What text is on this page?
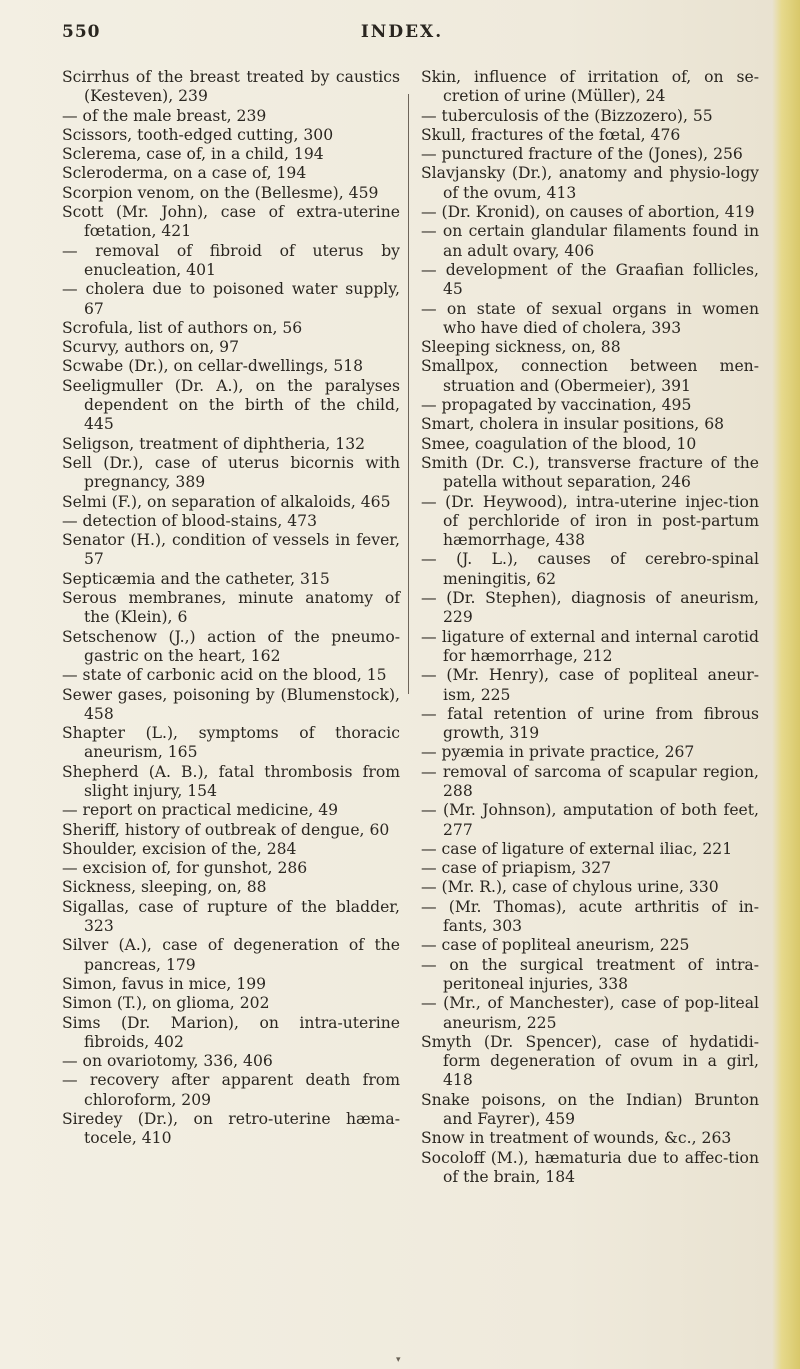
550	INDEX.

Scirrhus of the breast treated by caustics (Kesteven), 239

— of the male breast, 239

Scissors, tooth-edged cutting, 300

Sclerema, case of, in a child, 194

Scleroderma, on a case of, 194

Scorpion venom, on the (Bellesme), 459

Scott (Mr. John), case of extra-uterine fœtation, 421

— removal of fibroid of uterus by enucleation, 401

— cholera due to poisoned water supply, 67

Scrofula, list of authors on, 56

Scurvy, authors on, 97

Scwabe (Dr.), on cellar-dwellings, 518

Seeligmuller (Dr. A.), on the paralyses dependent on the birth of the child, 445

Seligson, treatment of diphtheria, 132

Sell (Dr.), case of uterus bicornis with pregnancy, 389

Selmi (F.), on separation of alkaloids, 465

— detection of blood-stains, 473

Senator (H.), condition of vessels in fever, 57

Septicæmia and the catheter, 315

Serous membranes, minute anatomy of the (Klein), 6

Setschenow (J.,) action of the pneumo-gastric on the heart, 162

— state of carbonic acid on the blood, 15

Sewer gases, poisoning by (Blumenstock), 458

Shapter (L.), symptoms of thoracic aneurism, 165

Shepherd (A. B.), fatal thrombosis from slight injury, 154

— report on practical medicine, 49

Sheriff, history of outbreak of dengue, 60

Shoulder, excision of the, 284

— excision of, for gunshot, 286

Sickness, sleeping, on, 88

Sigallas, case of rupture of the bladder, 323

Silver (A.), case of degeneration of the pancreas, 179

Simon, favus in mice, 199

Simon (T.), on glioma, 202

Sims (Dr. Marion), on intra-uterine fibroids, 402

— on ovariotomy, 336, 406

— recovery after apparent death from chloroform, 209

Siredey (Dr.), on retro-uterine hæma-tocele, 410

Skin, influence of irritation of, on se-cretion of urine (Müller), 24

— tuberculosis of the (Bizzozero), 55

Skull, fractures of the fœtal, 476

— punctured fracture of the (Jones), 256

Slavjansky (Dr.), anatomy and physio-logy of the ovum, 413

— (Dr. Kronid), on causes of abortion, 419

— on certain glandular filaments found in an adult ovary, 406

— development of the Graafian follicles, 45

— on state of sexual organs in women who have died of cholera, 393

Sleeping sickness, on, 88

Smallpox, connection between men-struation and (Obermeier), 391

— propagated by vaccination, 495

Smart, cholera in insular positions, 68

Smee, coagulation of the blood, 10

Smith (Dr. C.), transverse fracture of the patella without separation, 246

— (Dr. Heywood), intra-uterine injec-tion of perchloride of iron in post-partum hæmorrhage, 438

— (J. L.), causes of cerebro-spinal meningitis, 62

— (Dr. Stephen), diagnosis of aneurism, 229

— ligature of external and internal carotid for hæmorrhage, 212

— (Mr. Henry), case of popliteal aneur-ism, 225

— fatal retention of urine from fibrous growth, 319

— pyæmia in private practice, 267

— removal of sarcoma of scapular region, 288

— (Mr. Johnson), amputation of both feet, 277

— case of ligature of external iliac, 221

— case of priapism, 327

— (Mr. R.), case of chylous urine, 330

— (Mr. Thomas), acute arthritis of in-fants, 303

— case of popliteal aneurism, 225

— on the surgical treatment of intra-peritoneal injuries, 338

— (Mr., of Manchester), case of pop-liteal aneurism, 225

Smyth (Dr. Spencer), case of hydatidi-form degeneration of ovum in a girl, 418

Snake poisons, on the Indian) Brunton and Fayrer), 459

Snow in treatment of wounds, &c., 263

Socoloff (M.), hæmaturia due to affec-tion of the brain, 184

▾
